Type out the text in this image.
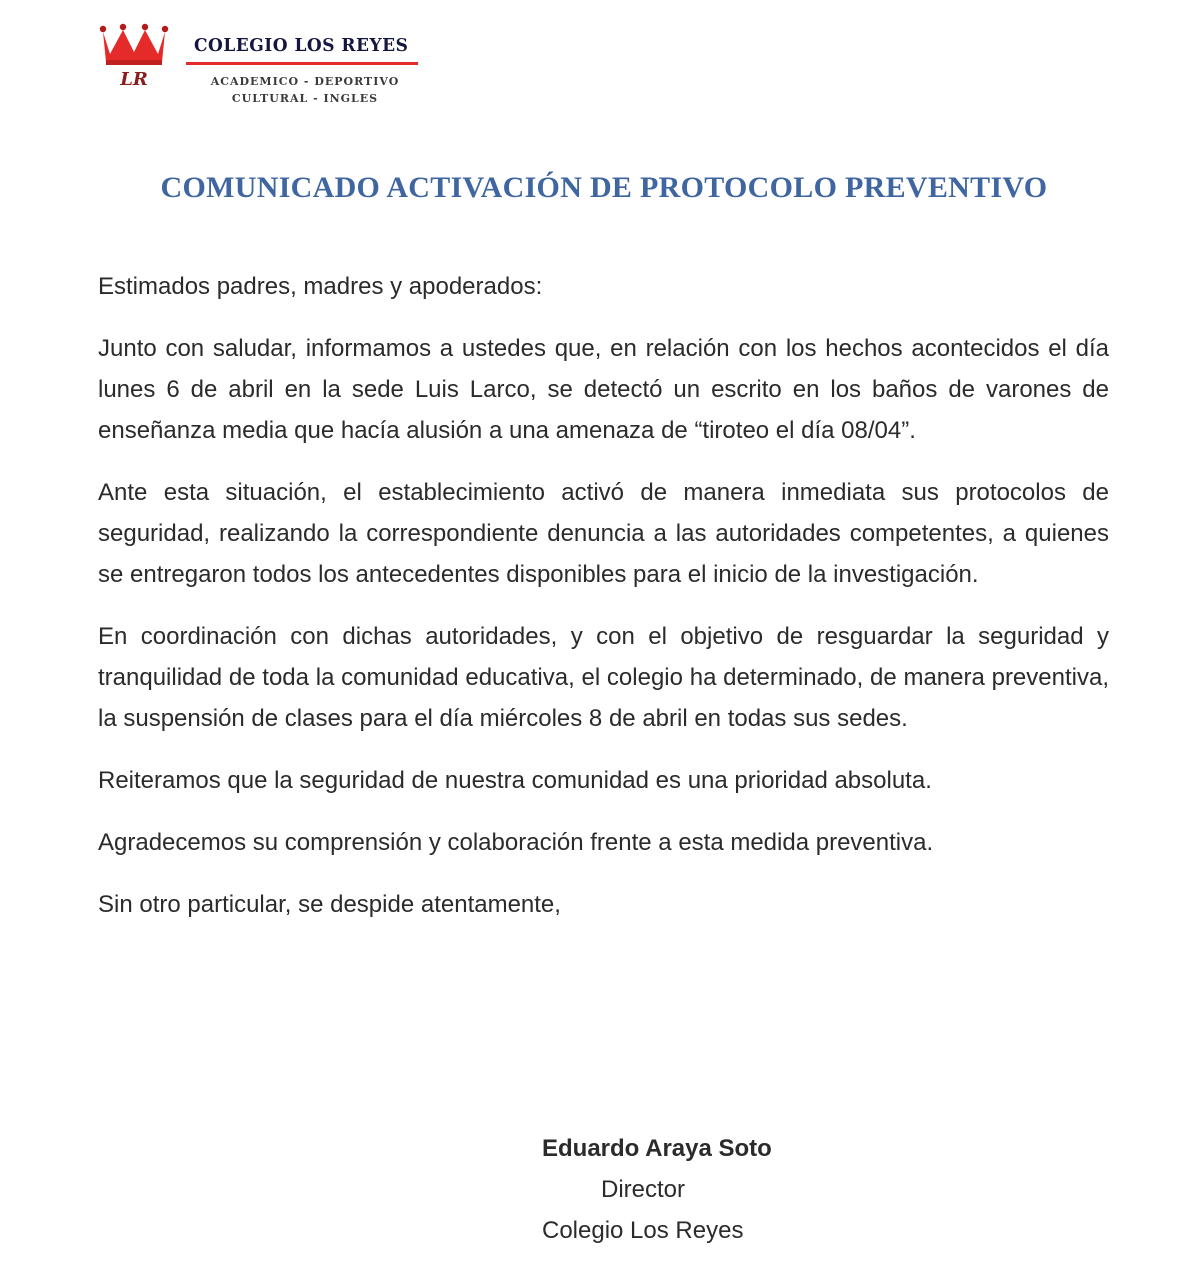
LR
COLEGIO LOS REYES
ACADEMICO - DEPORTIVO
CULTURAL - INGLES
COMUNICADO ACTIVACIÓN DE PROTOCOLO PREVENTIVO

Estimados padres, madres y apoderados:

Junto con saludar, informamos a ustedes que, en relación con los hechos acontecidos el día lunes 6 de abril en la sede Luis Larco, se detectó un escrito en los baños de varones de enseñanza media que hacía alusión a una amenaza de “tiroteo el día 08/04”.

Ante esta situación, el establecimiento activó de manera inmediata sus protocolos de seguridad, realizando la correspondiente denuncia a las autoridades competentes, a quienes se entregaron todos los antecedentes disponibles para el inicio de la investigación.

En coordinación con dichas autoridades, y con el objetivo de resguardar la seguridad y tranquilidad de toda la comunidad educativa, el colegio ha determinado, de manera preventiva, la suspensión de clases para el día miércoles 8 de abril en todas sus sedes.

Reiteramos que la seguridad de nuestra comunidad es una prioridad absoluta.

Agradecemos su comprensión y colaboración frente a esta medida preventiva.

Sin otro particular, se despide atentamente,

Eduardo Araya Soto
Director
Colegio Los Reyes
